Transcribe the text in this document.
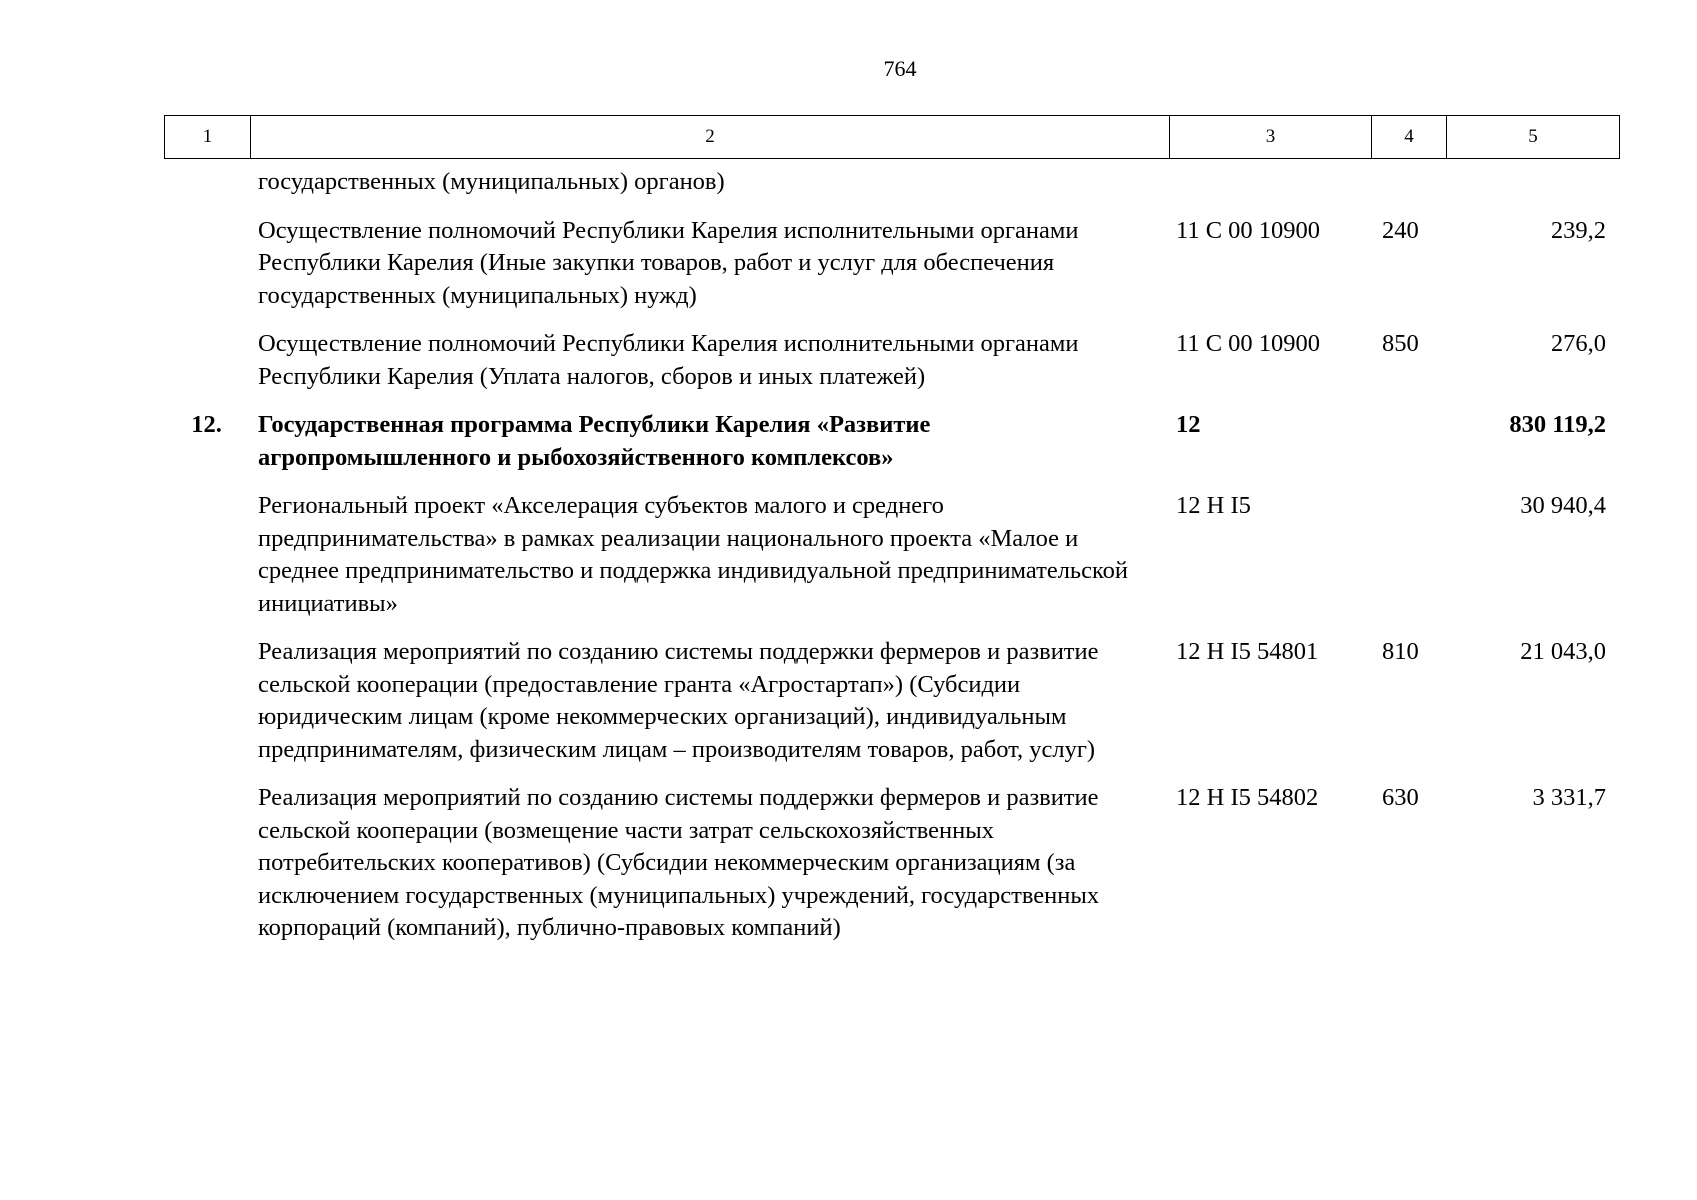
764
1	2	3	4	5
	государственных (муниципальных) органов)			
	Осуществление полномочий Республики Карелия исполнительными органами Республики Карелия (Иные закупки товаров, работ и услуг для обеспечения государственных (муниципальных) нужд)	11 С 00 10900	240	239,2
	Осуществление полномочий Республики Карелия исполнительными органами Республики Карелия (Уплата налогов, сборов и иных платежей)	11 С 00 10900	850	276,0
12.	Государственная программа Республики Карелия «Развитие агропромышленного и рыбохозяйственного комплексов»	12		830 119,2
	Региональный проект «Акселерация субъектов малого и среднего предпринимательства» в рамках реализации национального проекта «Малое и среднее предпринимательство и поддержка индивидуальной предпринимательской инициативы»	12 Н I5		30 940,4
	Реализация мероприятий по созданию системы поддержки фермеров и развитие сельской кооперации (предоставление гранта «Агростартап») (Субсидии юридическим лицам (кроме некоммерческих организаций), индивидуальным предпринимателям, физическим лицам – производителям товаров, работ, услуг)	12 Н I5 54801	810	21 043,0
	Реализация мероприятий по созданию системы поддержки фермеров и развитие сельской кооперации (возмещение части затрат сельскохозяйственных потребительских кооперативов) (Субсидии некоммерческим организациям (за исключением государственных (муниципальных) учреждений, государственных корпораций (компаний), публично-правовых компаний)	12 Н I5 54802	630	3 331,7
